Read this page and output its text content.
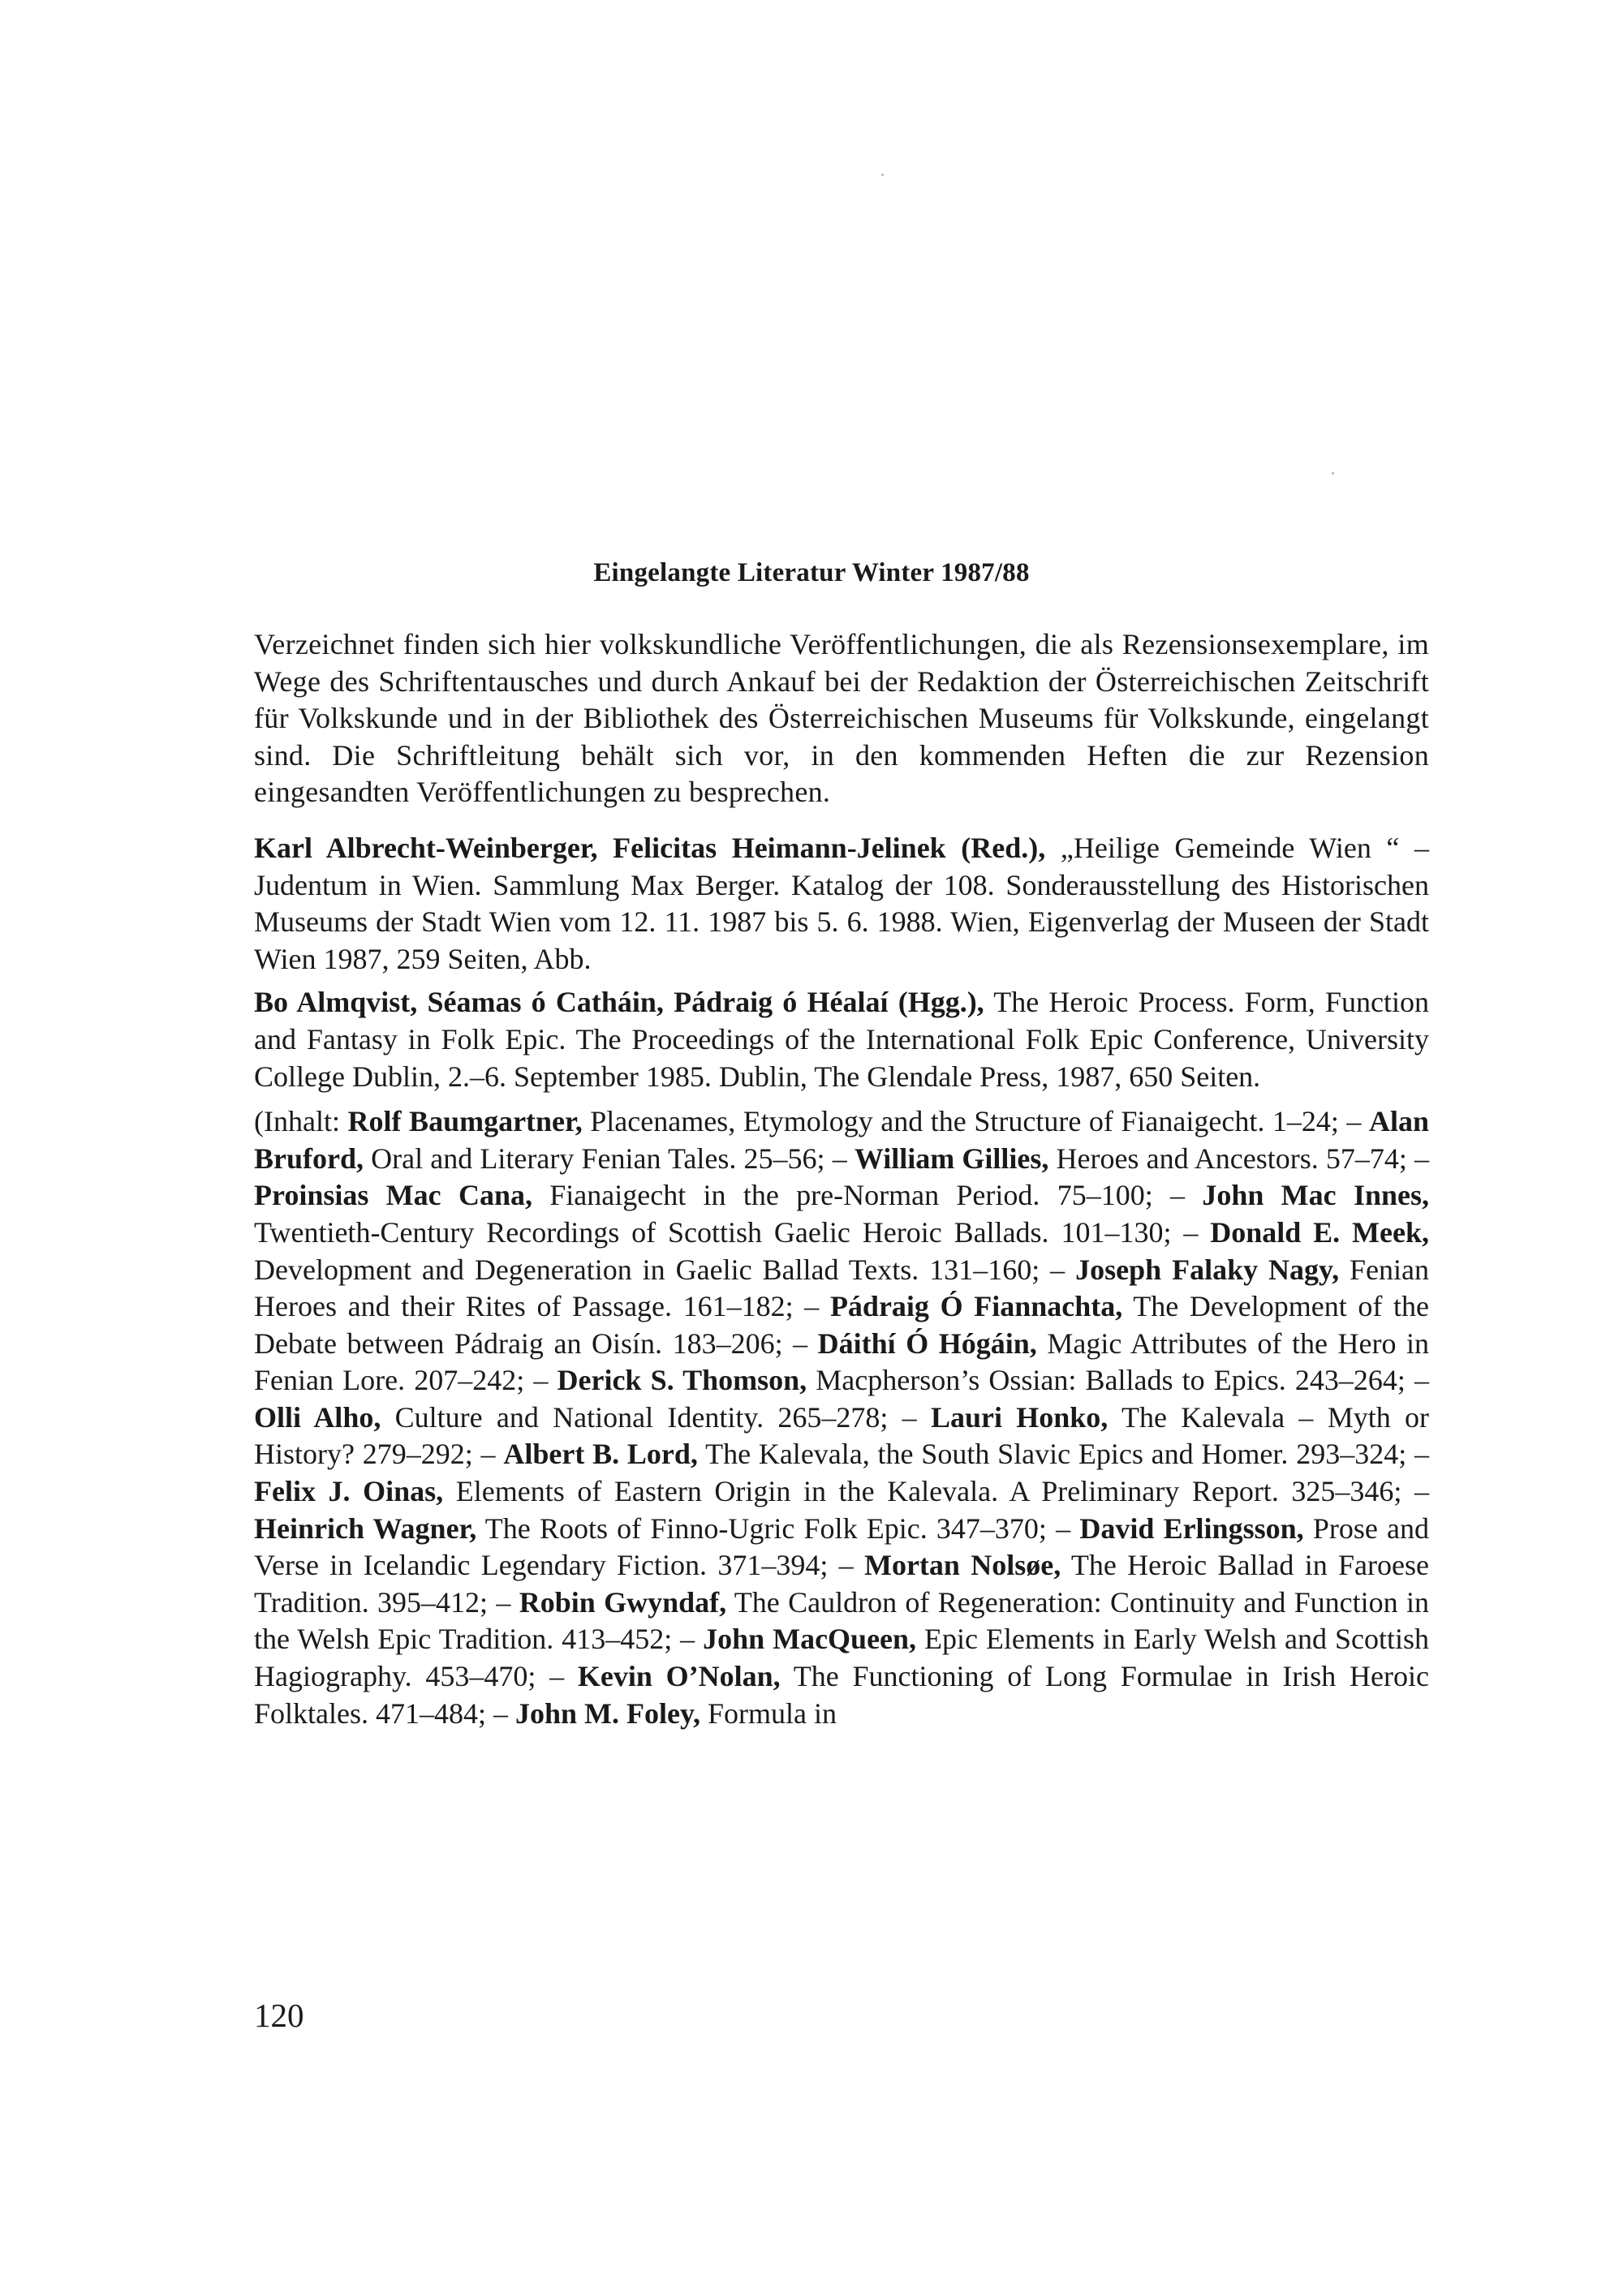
Eingelangte Literatur Winter 1987/88

Verzeichnet finden sich hier volkskundliche Veröffentlichungen, die als Rezensionsexemplare, im Wege des Schriftentausches und durch Ankauf bei der Redaktion der Österreichischen Zeitschrift für Volkskunde und in der Bibliothek des Österreichischen Museums für Volkskunde, eingelangt sind. Die Schriftleitung behält sich vor, in den kommenden Heften die zur Rezension eingesandten Veröffentlichungen zu besprechen.

Karl Albrecht-Weinberger, Felicitas Heimann-Jelinek (Red.), „Heilige Gemeinde Wien “ – Judentum in Wien. Sammlung Max Berger. Katalog der 108. Sonderausstellung des Historischen Museums der Stadt Wien vom 12. 11. 1987 bis 5. 6. 1988. Wien, Eigenverlag der Museen der Stadt Wien 1987, 259 Seiten, Abb.

Bo Almqvist, Séamas ó Catháin, Pádraig ó Héalaí (Hgg.), The Heroic Process. Form, Function and Fantasy in Folk Epic. The Proceedings of the International Folk Epic Conference, University College Dublin, 2.–6. September 1985. Dublin, The Glendale Press, 1987, 650 Seiten.

(Inhalt: Rolf Baumgartner, Placenames, Etymology and the Structure of Fianaigecht. 1–24; – Alan Bruford, Oral and Literary Fenian Tales. 25–56; – William Gillies, Heroes and Ancestors. 57–74; – Proinsias Mac Cana, Fianaigecht in the pre-Norman Period. 75–100; – John Mac Innes, Twentieth-Century Recordings of Scottish Gaelic Heroic Ballads. 101–130; – Donald E. Meek, Development and Degeneration in Gaelic Ballad Texts. 131–160; – Joseph Falaky Nagy, Fenian Heroes and their Rites of Passage. 161–182; – Pádraig Ó Fiannachta, The Development of the Debate between Pádraig an Oisín. 183–206; – Dáithí Ó Hógáin, Magic Attributes of the Hero in Fenian Lore. 207–242; – Derick S. Thomson, Macpherson’s Ossian: Ballads to Epics. 243–264; – Olli Alho, Culture and National Identity. 265–278; – Lauri Honko, The Kalevala – Myth or History? 279–292; – Albert B. Lord, The Kalevala, the South Slavic Epics and Homer. 293–324; – Felix J. Oinas, Elements of Eastern Origin in the Kalevala. A Preliminary Report. 325–346; – Heinrich Wagner, The Roots of Finno-Ugric Folk Epic. 347–370; – David Erlingsson, Prose and Verse in Icelandic Legendary Fiction. 371–394; – Mortan Nolsøe, The Heroic Ballad in Faroese Tradition. 395–412; – Robin Gwyndaf, The Cauldron of Regeneration: Continuity and Function in the Welsh Epic Tradition. 413–452; – John MacQueen, Epic Elements in Early Welsh and Scottish Hagiography. 453–470; – Kevin O’Nolan, The Functioning of Long Formulae in Irish Heroic Folktales. 471–484; – John M. Foley, Formula in

120
